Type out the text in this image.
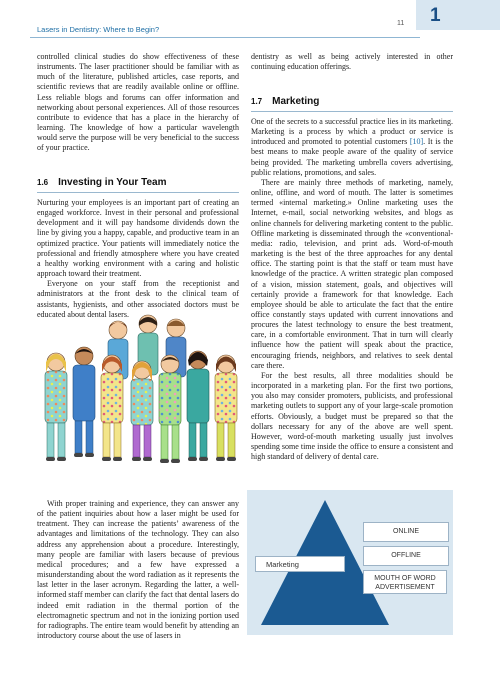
Lasers in Dentistry: Where to Begin?
11 1

controlled clinical studies do show effectiveness of these instruments. The laser practitioner should be familiar with as much of the literature, published articles, case reports, and scientific reviews that are readily available online or offline. Less reliable blogs and forums can offer information and networking about personal experiences. All of those resources contribute to evidence that has a place in the hierarchy of learning. The knowledge of how a particular wavelength would serve the purpose will be very beneficial to the success of your practice.

1.6 Investing in Your Team

Nurturing your employees is an important part of creating an engaged workforce. Invest in their personal and professional development and it will pay handsome dividends down the line by giving you a happy, capable, and productive team in an optimized practice. Your patients will immediately notice the professional and friendly atmosphere where you have created a healthy working environment with a caring and holistic approach toward their treatment.

Everyone on your staff from the receptionist and administrators at the front desk to the clinical team of assistants, hygienists, and other associated doctors must be educated about dental lasers.

With proper training and experience, they can answer any of the patient inquiries about how a laser might be used for treatment. They can increase the patients’ awareness of the advantages and limitations of the technology. They can also address any apprehension about a procedure. Interestingly, many people are familiar with lasers because of previous medical procedures; and a few have expressed a misunderstanding about the word radiation as it represents the last letter in the laser acronym. Regarding the latter, a well-informed staff member can clarify the fact that dental lasers do indeed emit radiation in the thermal portion of the electromagnetic spectrum and not in the ionizing portion used for radiographs. The entire team would benefit by attending an introductory course about the use of lasers in

dentistry as well as being actively interested in other continuing education offerings.

1.7 Marketing

One of the secrets to a successful practice lies in its marketing. Marketing is a process by which a product or service is introduced and promoted to potential customers [10]. It is the best means to make people aware of the quality of service being provided. The marketing umbrella covers advertising, public relations, promotions, and sales.

There are mainly three methods of marketing, namely, online, offline, and word of mouth. The latter is sometimes termed «internal marketing.» Online marketing uses the Internet, e-mail, social networking websites, and blogs as online channels for delivering marketing content to the public. Offline marketing is disseminated through the «conventional-media: radio, television, and print ads. Word-of-mouth marketing is the best of the three approaches for any dental office. The starting point is that the staff or team must have knowledge of the practice. A written strategic plan composed of a vision, mission statement, goals, and objectives will certainly provide a framework for that knowledge. Each employee should be able to articulate the fact that the entire office constantly stays updated with current innovations and procures the latest technology to ensure the best treatment, care, in a comfortable environment. That in turn will clearly influence how the patient will speak about the practice, encouraging friends, neighbors, and relatives to seek dental care there.

For the best results, all three modalities should be incorporated in a marketing plan. For the first two portions, you also may consider promoters, publicists, and professional marketing outlets to support any of your large-scale promotion efforts. Obviously, a budget must be prepared so that the dollars necessary for any of the above are well spent. However, word-of-mouth marketing usually just involves spending some time inside the office to ensure a consistent and high standard of delivery of dental care.

ONLINE
OFFLINE
MOUTH OF WORD ADVERTISEMENT
Marketing
